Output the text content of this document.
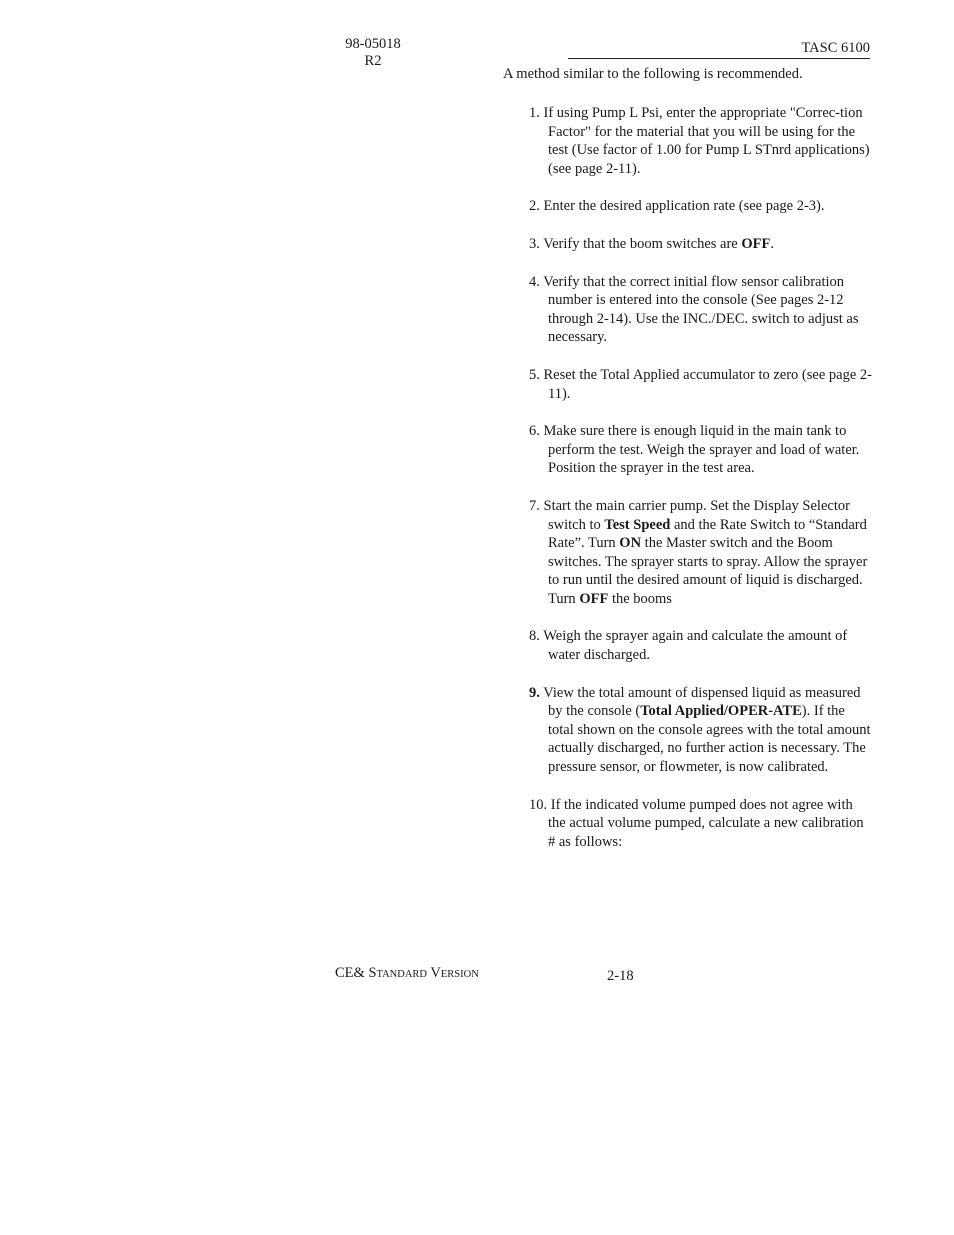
98-05018
R2
TASC 6100
A method similar to the following is recommended.

1. If using Pump L Psi, enter the appropriate "Correc-tion Factor" for the material that you will be using for the test (Use factor of 1.00 for Pump L STnrd applications) (see page 2-11).

2. Enter the desired application rate (see page 2-3).

3. Verify that the boom switches are OFF.

4. Verify that the correct initial flow sensor calibration number is entered into the console (See pages 2-12 through 2-14). Use the INC./DEC. switch to adjust as necessary.

5. Reset the Total Applied accumulator to zero (see page 2-11).

6. Make sure there is enough liquid in the main tank to perform the test. Weigh the sprayer and load of water. Position the sprayer in the test area.

7. Start the main carrier pump. Set the Display Selector switch to Test Speed and the Rate Switch to “Standard Rate”. Turn ON the Master switch and the Boom switches. The sprayer starts to spray. Allow the sprayer to run until the desired amount of liquid is discharged. Turn OFF the booms

8. Weigh the sprayer again and calculate the amount of water discharged.

9. View the total amount of dispensed liquid as measured by the console (Total Applied/OPER-ATE). If the total shown on the console agrees with the total amount actually discharged, no further action is necessary. The pressure sensor, or flowmeter, is now calibrated.

10. If the indicated volume pumped does not agree with the actual volume pumped, calculate a new calibration # as follows:

CE& STANDARD VERSION	2-18
